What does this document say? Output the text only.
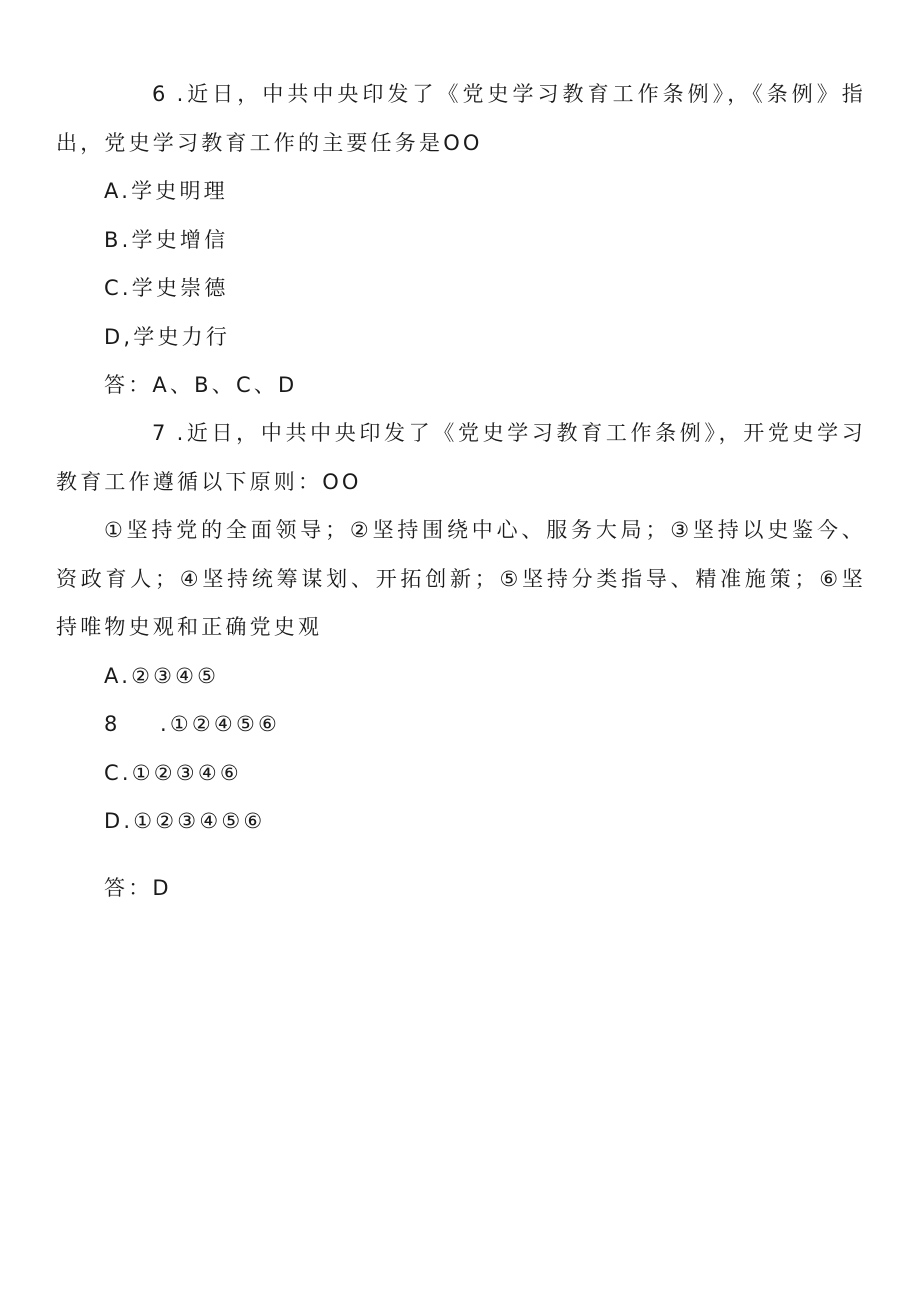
6 .近日，中共中央印发了《党史学习教育工作条例》，《条例》指出，党史学习教育工作的主要任务是OO
A.学史明理
B.学史增信
C.学史崇德
D,学史力行
答：A、B、C、D
7 .近日，中共中央印发了《党史学习教育工作条例》，开党史学习教育工作遵循以下原则：OO
①坚持党的全面领导；②坚持围绕中心、服务大局；③坚持以史鉴今、资政育人；④坚持统筹谋划、开拓创新；⑤坚持分类指导、精准施策；⑥坚持唯物史观和正确党史观
A.②③④⑤
8 .①②④⑤⑥
C.①②③④⑥
D.①②③④⑤⑥
答：D
